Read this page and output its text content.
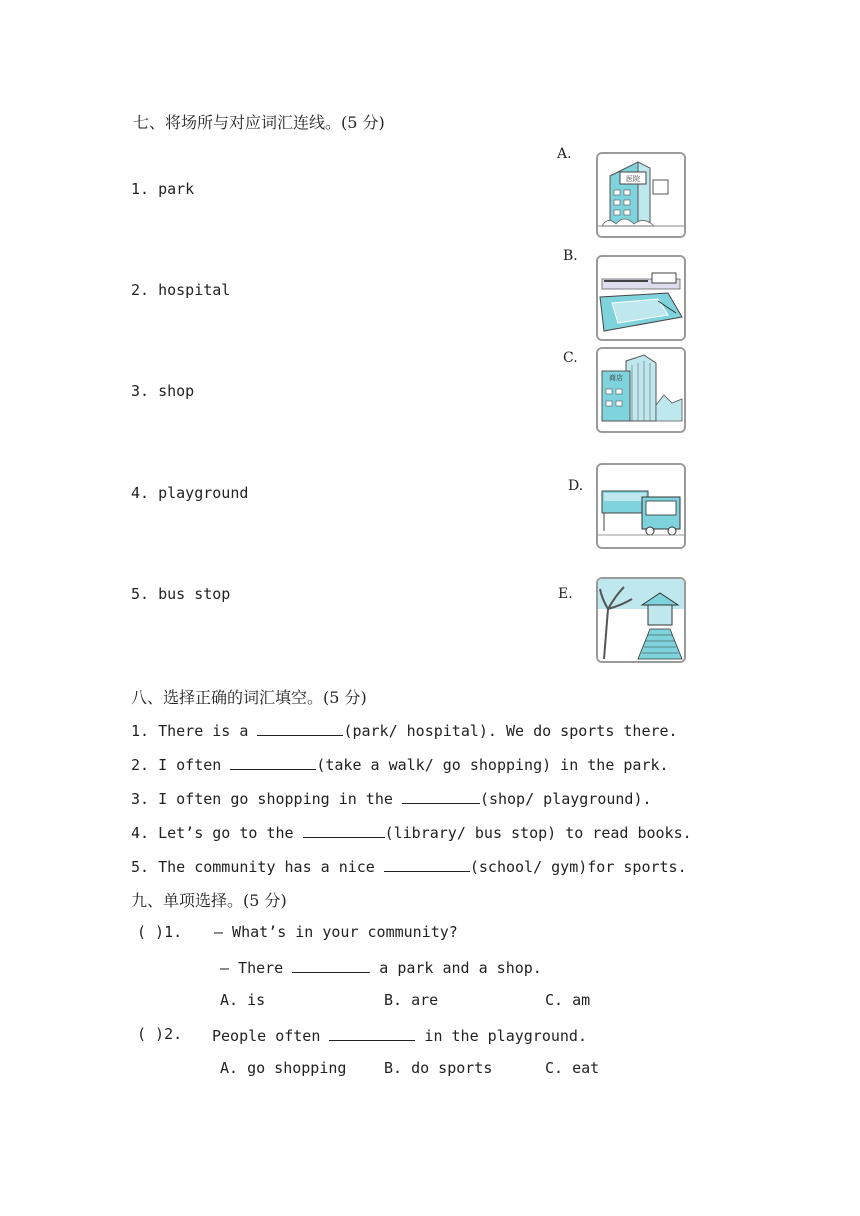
七、将场所与对应词汇连线。(5 分)
1. park
2. hospital
3. shop
4. playground
5. bus stop
A.
B.
C.
D.
E.
医院
商店
八、选择正确的词汇填空。(5 分)
1. There is a	(park/ hospital). We do sports there.
2. I often	(take a walk/ go shopping) in the park.
3. I often go shopping in the	(shop/ playground).
4. Let’s go to the	(library/ bus stop) to read books.
5. The community has a nice	(school/ gym)for sports.
九、单项选择。(5 分)
( )1. — What’s in your community?
— There	a park and a shop.
A. is	B. are	C. am
( )2. People often	in the playground.
A. go shopping	B. do sports	C. eat
